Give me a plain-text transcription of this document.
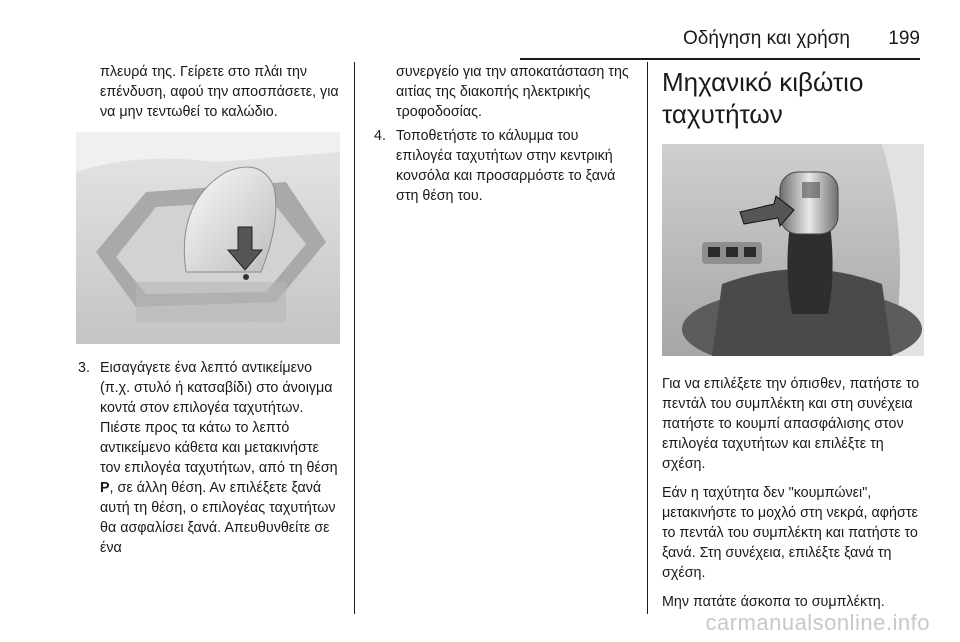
Οδήγηση και χρήση 199

πλευρά της. Γείρετε στο πλάι την επένδυση, αφού την αποσπάσετε, για να μην τεντωθεί το καλώδιο.

3. Εισαγάγετε ένα λεπτό αντικείμενο (π.χ. στυλό ή κατσαβίδι) στο άνοιγμα κοντά στον επιλογέα ταχυτήτων. Πιέστε προς τα κάτω το λεπτό αντικείμενο κάθετα και μετακινήστε τον επιλογέα ταχυτήτων, από τη θέση P, σε άλλη θέση. Αν επιλέξετε ξανά αυτή τη θέση, ο επιλογέας ταχυτήτων θα ασφαλίσει ξανά. Απευθυνθείτε σε ένα

συνεργείο για την αποκατάσταση της αιτίας της διακοπής ηλεκτρικής τροφοδοσίας.

4. Τοποθετήστε το κάλυμμα του επιλογέα ταχυτήτων στην κεντρική κονσόλα και προσαρμόστε το ξανά στη θέση του.
Μηχανικό κιβώτιο ταχυτήτων

Για να επιλέξετε την όπισθεν, πατήστε το πεντάλ του συμπλέκτη και στη συνέχεια πατήστε το κουμπί απασφάλισης στον επιλογέα ταχυτήτων και επιλέξτε τη σχέση.

Εάν η ταχύτητα δεν "κουμπώνει", μετακινήστε το μοχλό στη νεκρά, αφήστε το πεντάλ του συμπλέκτη και πατήστε το ξανά. Στη συνέχεια, επιλέξτε ξανά τη σχέση.

Μην πατάτε άσκοπα το συμπλέκτη.

carmanualsonline.info
